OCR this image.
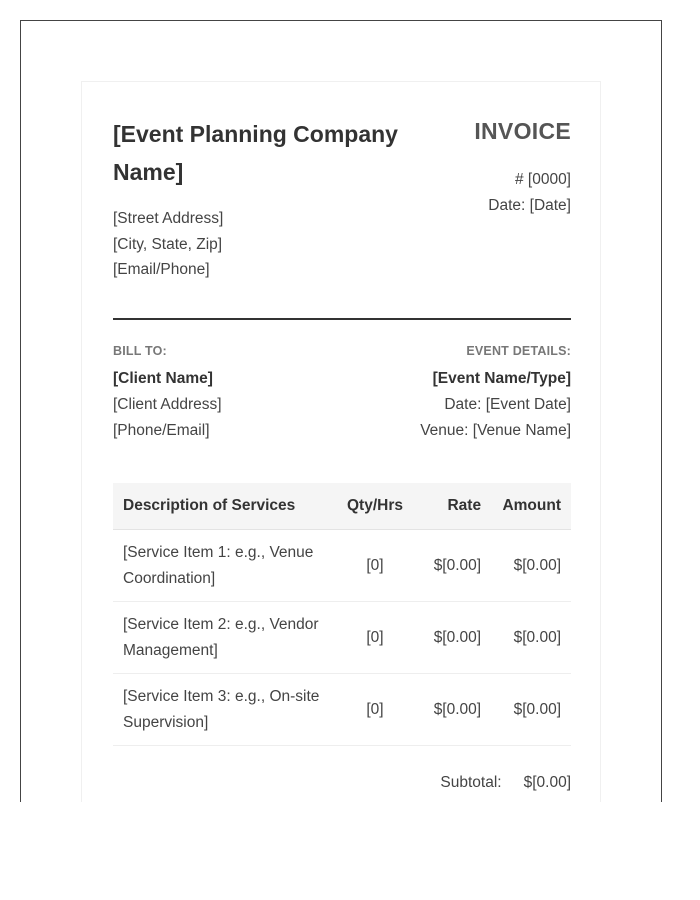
[Event Planning Company Name]
[Street Address]
[City, State, Zip]
[Email/Phone]
INVOICE
# [0000]
Date: [Date]
BILL TO:
[Client Name]
[Client Address]
[Phone/Email]
EVENT DETAILS:
[Event Name/Type]
Date: [Event Date]
Venue: [Venue Name]
Description of Services	Qty/Hrs	Rate	Amount
[Service Item 1: e.g., Venue Coordination]	[0]	$[0.00]	$[0.00]
[Service Item 2: e.g., Vendor Management]	[0]	$[0.00]	$[0.00]
[Service Item 3: e.g., On-site Supervision]	[0]	$[0.00]	$[0.00]
Subtotal: $[0.00]
